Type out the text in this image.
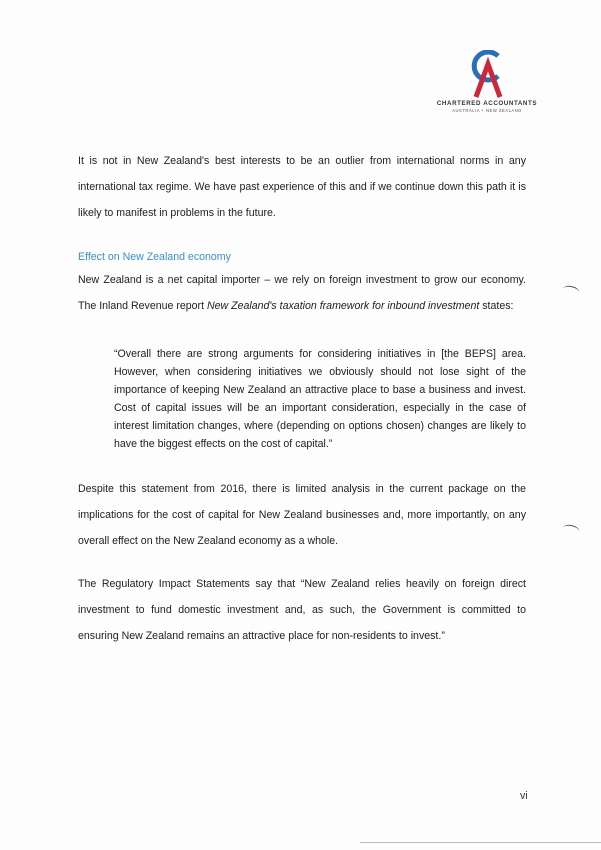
CHARTERED ACCOUNTANTS
AUSTRALIA + NEW ZEALAND
It is not in New Zealand's best interests to be an outlier from international norms in any international tax regime. We have past experience of this and if we continue down this path it is likely to manifest in problems in the future.
Effect on New Zealand economy
New Zealand is a net capital importer – we rely on foreign investment to grow our economy. The Inland Revenue report New Zealand's taxation framework for inbound investment states:
“Overall there are strong arguments for considering initiatives in [the BEPS] area. However, when considering initiatives we obviously should not lose sight of the importance of keeping New Zealand an attractive place to base a business and invest. Cost of capital issues will be an important consideration, especially in the case of interest limitation changes, where (depending on options chosen) changes are likely to have the biggest effects on the cost of capital.”
Despite this statement from 2016, there is limited analysis in the current package on the implications for the cost of capital for New Zealand businesses and, more importantly, on any overall effect on the New Zealand economy as a whole.
The Regulatory Impact Statements say that “New Zealand relies heavily on foreign direct investment to fund domestic investment and, as such, the Government is committed to ensuring New Zealand remains an attractive place for non-residents to invest.”
vi
